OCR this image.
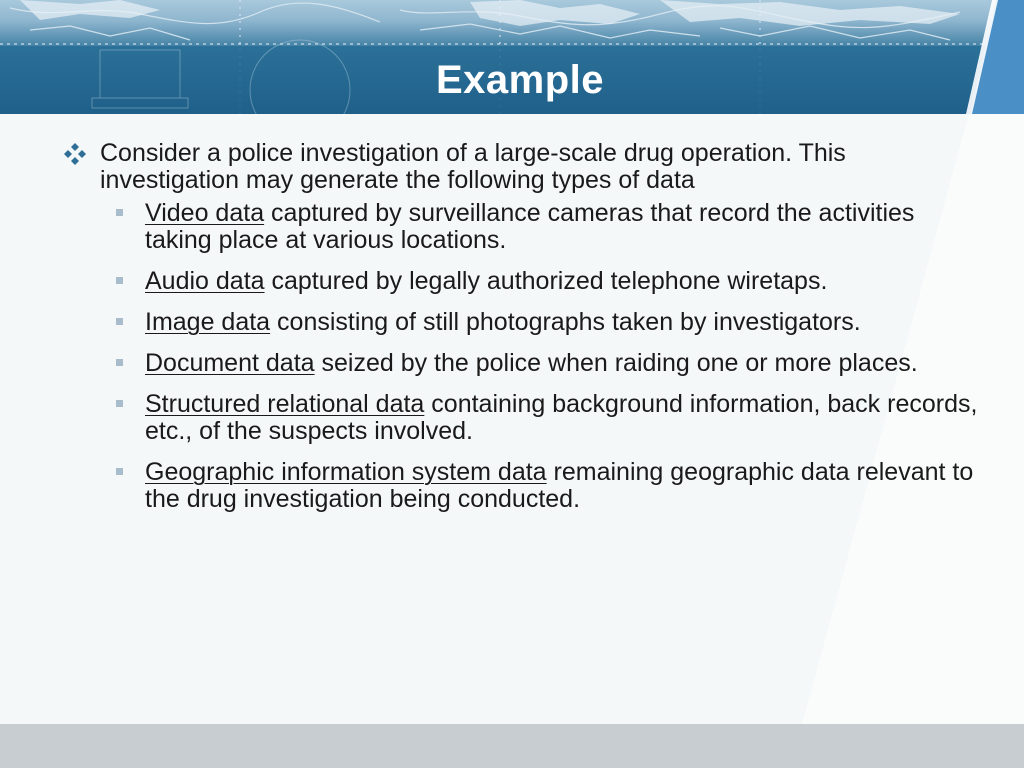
Example
Consider a police investigation of a large-scale drug operation. This investigation may generate the following types of data
Video data captured by surveillance cameras that record the activities taking place at various locations.
Audio data captured by legally authorized telephone wiretaps.
Image data consisting of still photographs taken by investigators.
Document data seized by the police when raiding one or more places.
Structured relational data containing background information, back records, etc., of the suspects involved.
Geographic information system data remaining geographic data relevant to the drug investigation being conducted.
